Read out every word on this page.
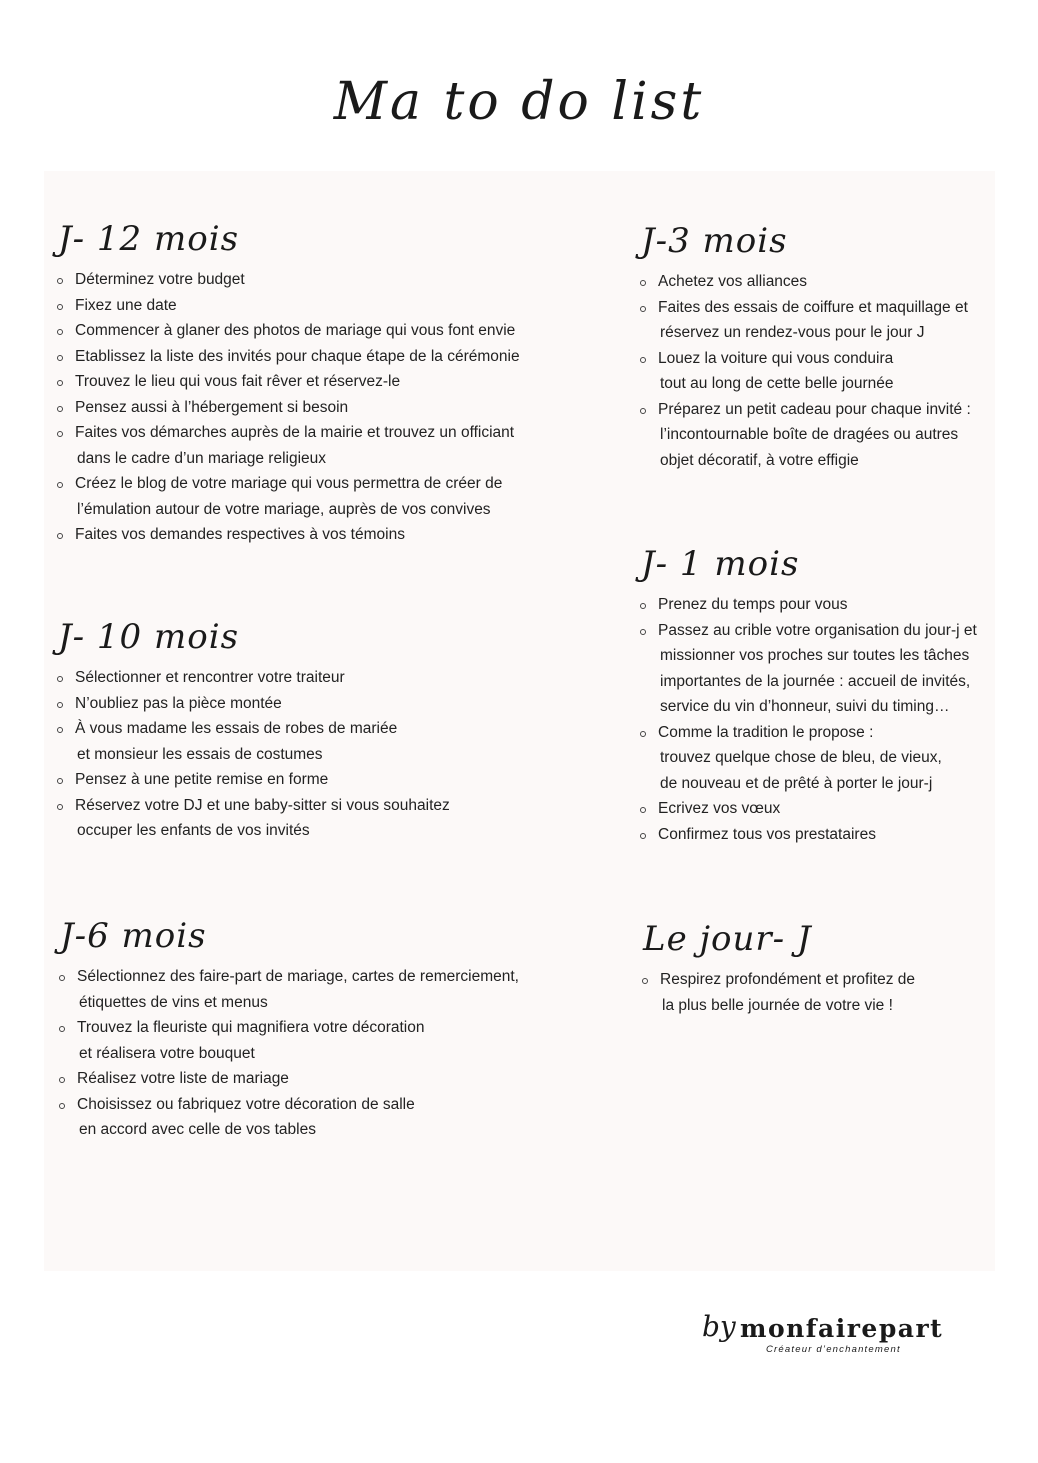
Ma to do list
J- 12 mois
Déterminez votre budget
Fixez une date
Commencer à glaner des photos de mariage qui vous font envie
Etablissez la liste des invités pour chaque étape de la cérémonie
Trouvez le lieu qui vous fait rêver et réservez-le
Pensez aussi à l’hébergement si besoin
Faites vos démarches auprès de la mairie et trouvez un officiant
dans le cadre d’un mariage religieux
Créez le blog de votre mariage qui vous permettra de créer de
l’émulation autour de votre mariage, auprès de vos convives
Faites vos demandes respectives à vos témoins
J- 10 mois
Sélectionner et rencontrer votre traiteur
N’oubliez pas la pièce montée
À vous madame les essais de robes de mariée
et monsieur les essais de costumes
Pensez à une petite remise en forme
Réservez votre DJ et une baby-sitter si vous souhaitez
occuper les enfants de vos invités
J-6 mois
Sélectionnez des faire-part de mariage, cartes de remerciement,
étiquettes de vins et menus
Trouvez la fleuriste qui magnifiera votre décoration
et réalisera votre bouquet
Réalisez votre liste de mariage
Choisissez ou fabriquez votre décoration de salle
en accord avec celle de vos tables
J-3 mois
Achetez vos alliances
Faites des essais de coiffure et maquillage et
réservez un rendez-vous pour le jour J
Louez la voiture qui vous conduira
tout au long de cette belle journée
Préparez un petit cadeau pour chaque invité :
l’incontournable boîte de dragées ou autres
objet décoratif, à votre effigie
J- 1 mois
Prenez du temps pour vous
Passez au crible votre organisation du jour-j et
missionner vos proches sur toutes les tâches
importantes de la journée : accueil de invités,
service du vin d’honneur, suivi du timing…
Comme la tradition le propose :
trouvez quelque chose de bleu, de vieux,
de nouveau et de prêté à porter le jour-j
Ecrivez vos vœux
Confirmez tous vos prestataires
Le jour- J
Respirez profondément et profitez de
la plus belle journée de votre vie !
by monfairepart
Créateur d’enchantement
